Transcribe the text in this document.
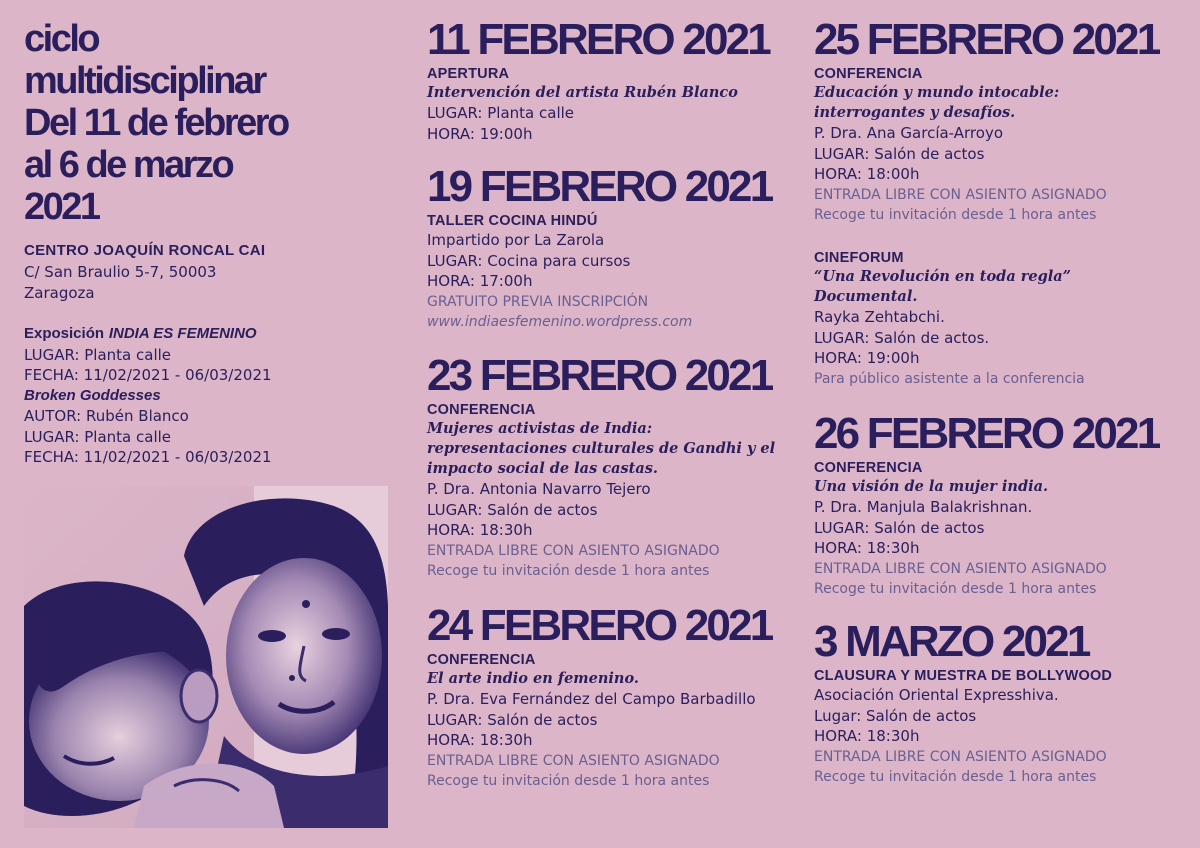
ciclo
multidisciplinar
Del 11 de febrero
al 6 de marzo
2021
CENTRO JOAQUÍN RONCAL CAI
C/ San Braulio 5-7, 50003
Zaragoza
Exposición INDIA ES FEMENINO
LUGAR: Planta calle
FECHA: 11/02/2021 - 06/03/2021
Broken Goddesses
AUTOR: Rubén Blanco
LUGAR: Planta calle
FECHA: 11/02/2021 - 06/03/2021
11 FEBRERO 2021
APERTURA
Intervención del artista Rubén Blanco
LUGAR: Planta calle
HORA: 19:00h
19 FEBRERO 2021
TALLER COCINA HINDÚ
Impartido por La Zarola
LUGAR: Cocina para cursos
HORA: 17:00h
GRATUITO PREVIA INSCRIPCIÓN
www.indiaesfemenino.wordpress.com
23 FEBRERO 2021
CONFERENCIA
Mujeres activistas de India: representaciones culturales de Gandhi y el impacto social de las castas.
P. Dra. Antonia Navarro Tejero
LUGAR: Salón de actos
HORA: 18:30h
ENTRADA LIBRE CON ASIENTO ASIGNADO
Recoge tu invitación desde 1 hora antes
24 FEBRERO 2021
CONFERENCIA
El arte indio en femenino.
P. Dra. Eva Fernández del Campo Barbadillo
LUGAR: Salón de actos
HORA: 18:30h
ENTRADA LIBRE CON ASIENTO ASIGNADO
Recoge tu invitación desde 1 hora antes
25 FEBRERO 2021
CONFERENCIA
Educación y mundo intocable: interrogantes y desafíos.
P. Dra. Ana García-Arroyo
LUGAR: Salón de actos
HORA: 18:00h
ENTRADA LIBRE CON ASIENTO ASIGNADO
Recoge tu invitación desde 1 hora antes
CINEFORUM
“Una Revolución en toda regla” Documental.
Rayka Zehtabchi.
LUGAR: Salón de actos.
HORA: 19:00h
Para público asistente a la conferencia
26 FEBRERO 2021
CONFERENCIA
Una visión de la mujer india.
P. Dra. Manjula Balakrishnan.
LUGAR: Salón de actos
HORA: 18:30h
ENTRADA LIBRE CON ASIENTO ASIGNADO
Recoge tu invitación desde 1 hora antes
3 MARZO 2021
CLAUSURA Y MUESTRA DE BOLLYWOOD
Asociación Oriental Expresshiva.
Lugar: Salón de actos
HORA: 18:30h
ENTRADA LIBRE CON ASIENTO ASIGNADO
Recoge tu invitación desde 1 hora antes
